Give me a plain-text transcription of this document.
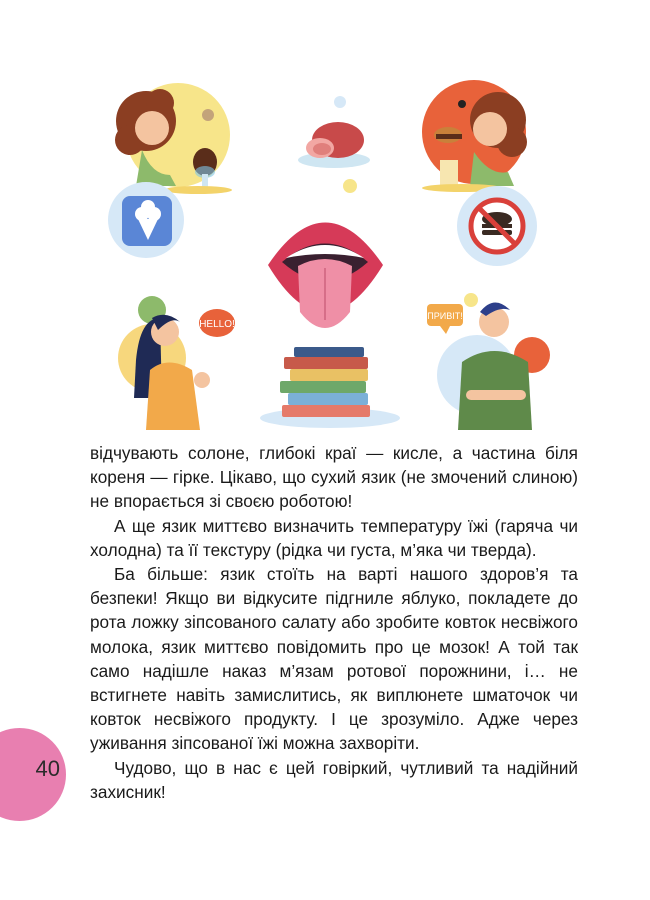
HELLO!
ПРИВІТ!

відчувають солоне, глибокі краї — кисле, а частина біля кореня — гірке. Цікаво, що сухий язик (не змочений слиною) не впорається зі своєю роботою!

А ще язик миттєво визначить температуру їжі (гаряча чи холодна) та її текстуру (рідка чи густа, м’яка чи тверда).

Ба більше: язик стоїть на варті нашого здоров’я та безпеки! Якщо ви відкусите підгниле яблуко, покладете до рота ложку зіпсованого салату або зробите ковток несвіжого молока, язик миттєво повідомить про це мозок! А той так само надішле наказ м’язам ротової порожнини, і… не встигнете навіть замислитись, як виплюнете шматочок чи ковток несвіжого продукту. І це зрозуміло. Адже через уживання зіпсованої їжі можна захворіти.

Чудово, що в нас є цей говіркий, чутливий та надійний захисник!

40
